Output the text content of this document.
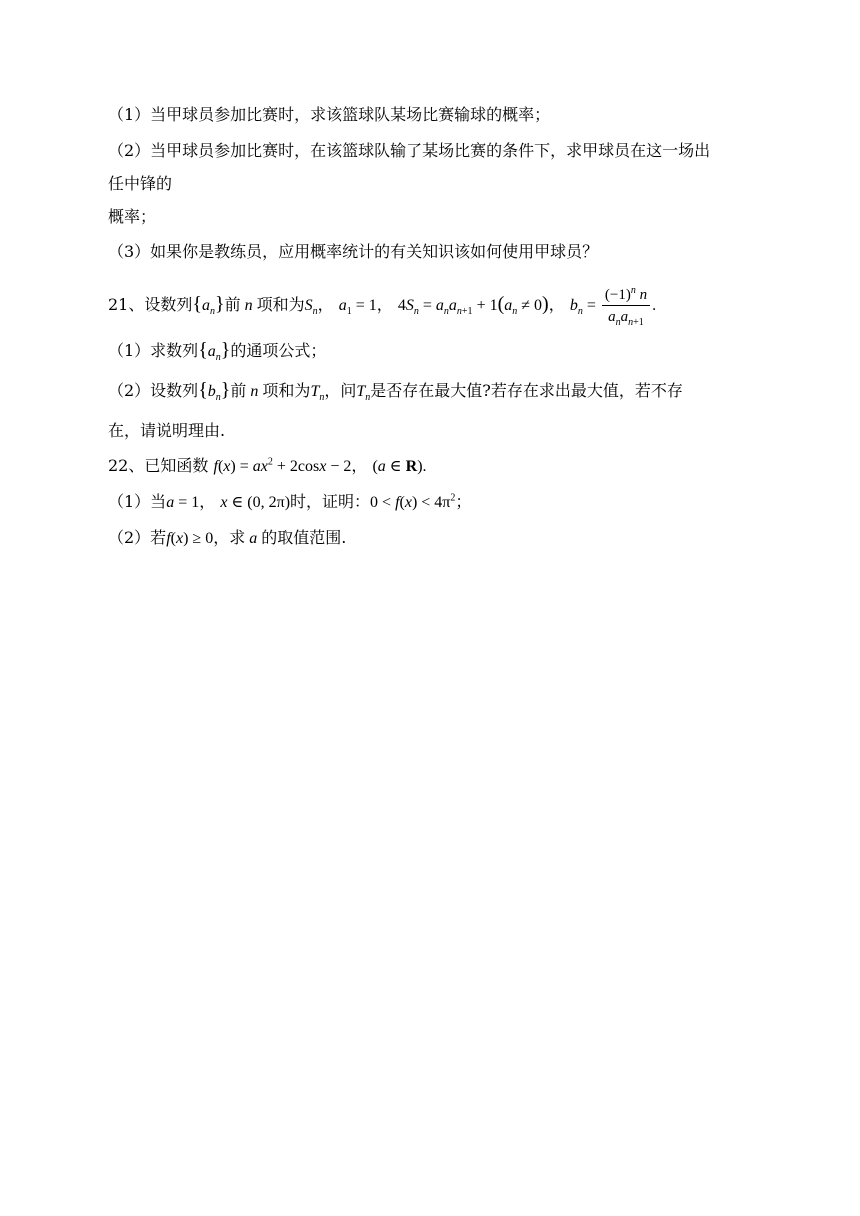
（1）当甲球员参加比赛时，求该篮球队某场比赛输球的概率；
（2）当甲球员参加比赛时，在该篮球队输了某场比赛的条件下，求甲球员在这一场出
任中锋的
概率；
（3）如果你是教练员，应用概率统计的有关知识该如何使用甲球员？
21、设数列$\{a_n\}$前 n 项和为$S_n$， $a_1 = 1$， $4S_n = a_na_{n+1} + 1(a_n \ne 0)$， $b_n = \frac{(-1)^n n}{a_na_{n+1}}$ .
（1）求数列$\{a_n\}$的通项公式；
（2）设数列$\{b_n\}$前 n 项和为$T_n$，问$T_n$是否存在最大值?若存在求出最大值，若不存
在，请说明理由.
22、已知函数 $f(x) = ax^2 + 2\cos x - 2$， (a ∈ R).
（1）当a = 1， x ∈ (0, 2π)时，证明：$0 < f(x) < 4\pi^2$；
（2）若f(x) ≥ 0，求 a 的取值范围.
